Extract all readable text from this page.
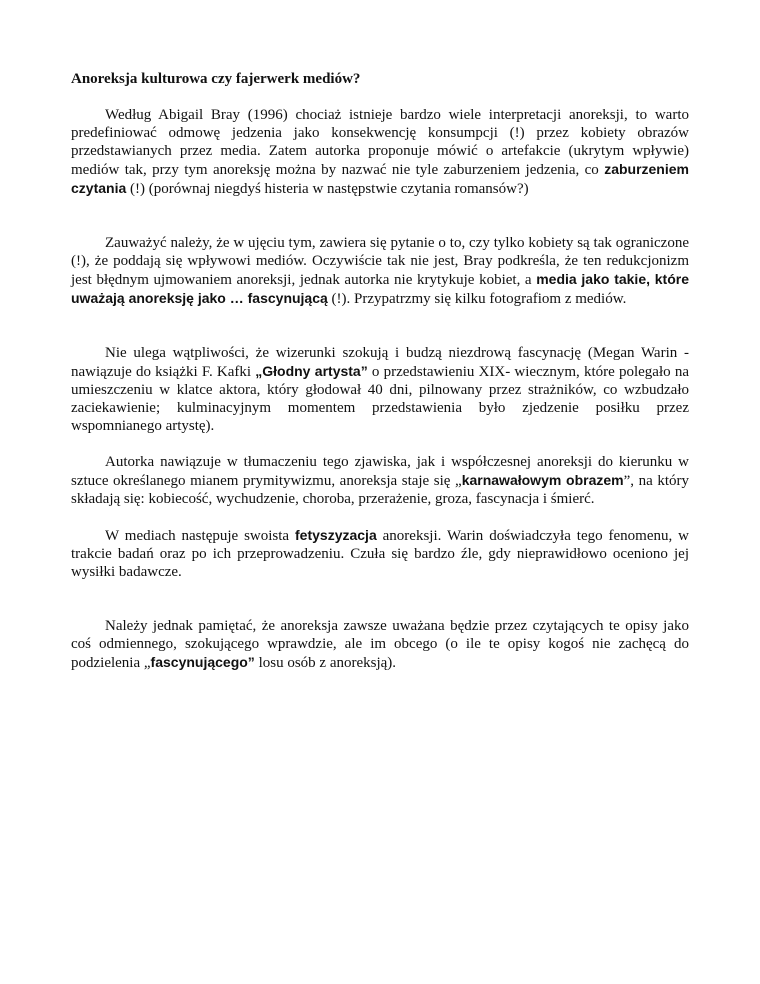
Anoreksja kulturowa czy fajerwerk mediów?

Według Abigail Bray (1996) chociaż istnieje bardzo wiele interpretacji anoreksji, to warto predefiniować odmowę jedzenia jako konsekwencję konsumpcji (!) przez kobiety obrazów przedstawianych przez media. Zatem autorka proponuje mówić o artefakcie (ukrytym wpływie) mediów tak, przy tym anoreksję można by nazwać nie tyle zaburzeniem jedzenia, co zaburzeniem czytania (!) (porównaj niegdyś histeria w następstwie czytania romansów?)

Zauważyć należy, że w ujęciu tym, zawiera się pytanie o to, czy tylko kobiety są tak ograniczone (!), że poddają się wpływowi mediów. Oczywiście tak nie jest, Bray podkreśla, że ten redukcjonizm jest błędnym ujmowaniem anoreksji, jednak autorka nie krytykuje kobiet, a media jako takie, które uważają anoreksję jako … fascynującą (!). Przypatrzmy się kilku fotografiom z mediów.

Nie ulega wątpliwości, że wizerunki szokują i budzą niezdrową fascynację (Megan Warin - nawiązuje do książki F. Kafki „Głodny artysta” o przedstawieniu XIX- wiecznym, które polegało na umieszczeniu w klatce aktora, który głodował 40 dni, pilnowany przez strażników, co wzbudzało zaciekawienie; kulminacyjnym momentem przedstawienia było zjedzenie posiłku przez wspomnianego artystę).

Autorka nawiązuje w tłumaczeniu tego zjawiska, jak i współczesnej anoreksji do kierunku w sztuce określanego mianem prymitywizmu, anoreksja staje się „karnawałowym obrazem”, na który składają się: kobiecość, wychudzenie, choroba, przerażenie, groza, fascynacja i śmierć.

W mediach następuje swoista fetyszyzacja anoreksji. Warin doświadczyła tego fenomenu, w trakcie badań oraz po ich przeprowadzeniu. Czuła się bardzo źle, gdy nieprawidłowo oceniono jej wysiłki badawcze.

Należy jednak pamiętać, że anoreksja zawsze uważana będzie przez czytających te opisy jako coś odmiennego, szokującego wprawdzie, ale im obcego (o ile te opisy kogoś nie zachęcą do podzielenia „fascynującego” losu osób z anoreksją).
